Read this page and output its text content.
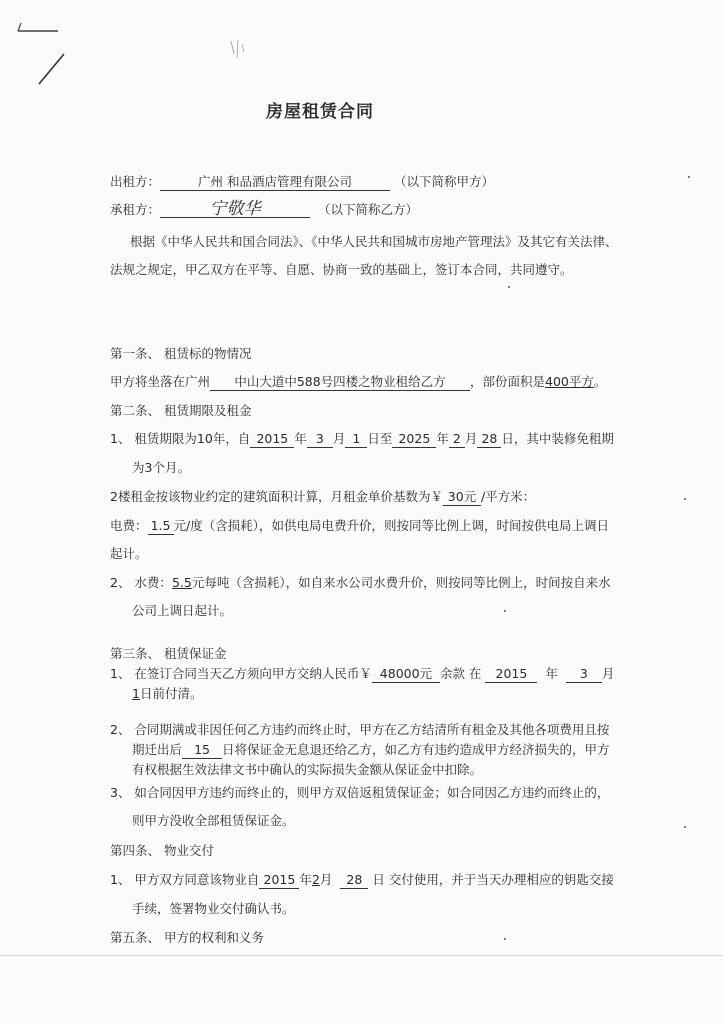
房屋租赁合同
出租方：	广州 和品酒店管理有限公司	（以下简称甲方）
承租方：	宁敬华	（以下简称乙方）
根据《中华人民共和国合同法》、《中华人民共和国城市房地产管理法》及其它有关法律、
法规之规定，甲乙双方在平等、自愿、协商一致的基础上，签订本合同，共同遵守。
第一条、 租赁标的物情况
甲方将坐落在广州 中山大道中588号四楼之物业租给乙方 ，部份面积是400平方。
第二条、 租赁期限及租金
1、 租赁期限为10年，自 2015 年 3 月 1 日至 2025 年 2 月 28 日，其中装修免租期
为3个月。
2楼租金按该物业约定的建筑面积计算，月租金单价基数为￥ 30元 /平方米：
电费： 1.5 元/度（含损耗），如供电局电费升价，则按同等比例上调，时间按供电局上调日
起计。
2、 水费：5.5元每吨（含损耗），如自来水公司水费升价，则按同等比例上，时间按自来水
公司上调日起计。
第三条、 租赁保证金
1、 在签订合同当天乙方须向甲方交纳人民币￥ 48000元 余款 在 2015 年 3 月
1日前付清。
2、 合同期满或非因任何乙方违约而终止时，甲方在乙方结清所有租金及其他各项费用且按
期迁出后 15 日将保证金无息退还给乙方，如乙方有违约造成甲方经济损失的，甲方
有权根据生效法律文书中确认的实际损失金额从保证金中扣除。
3、 如合同因甲方违约而终止的，则甲方双倍返租赁保证金；如合同因乙方违约而终止的，
则甲方没收全部租赁保证金。
第四条、 物业交付
1、 甲方双方同意该物业自 2015 年2月 28 日 交付使用，并于当天办理相应的钥匙交接
手续，签署物业交付确认书。
第五条、 甲方的权利和义务
